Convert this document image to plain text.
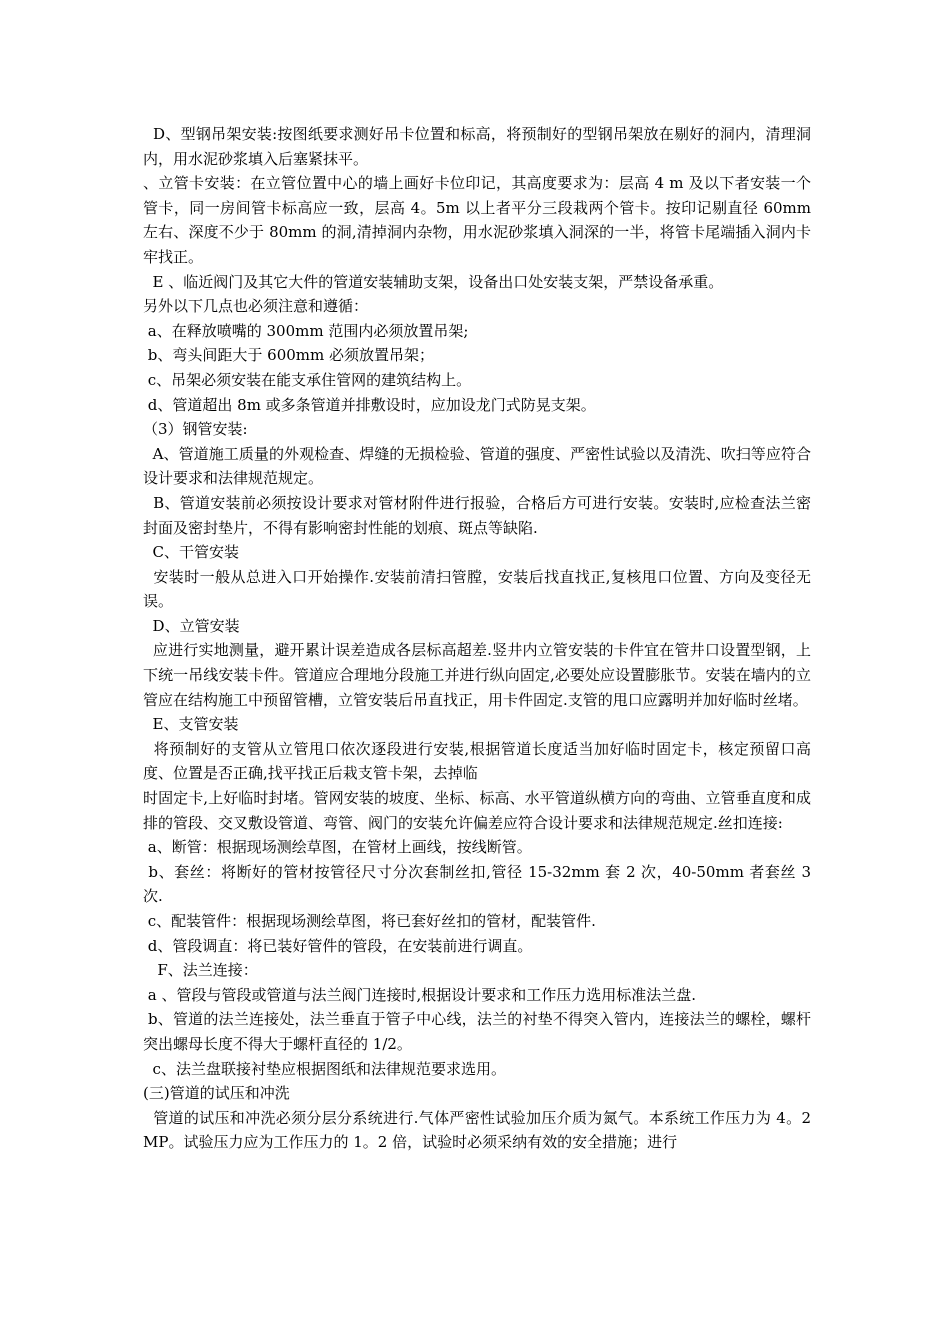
D、型钢吊架安装:按图纸要求测好吊卡位置和标高，将预制好的型钢吊架放在剔好的洞内，清理洞内，用水泥砂浆填入后塞紧抹平。

、立管卡安装：在立管位置中心的墙上画好卡位印记，其高度要求为：层高 4 m 及以下者安装一个管卡，同一房间管卡标高应一致，层高 4。5m 以上者平分三段栽两个管卡。按印记剔直径 60mm 左右、深度不少于 80mm 的洞,清掉洞内杂物，用水泥砂浆填入洞深的一半，将管卡尾端插入洞内卡牢找正。

E 、临近阀门及其它大件的管道安装辅助支架，设备出口处安装支架，严禁设备承重。

另外以下几点也必须注意和遵循：

a、在释放喷嘴的 300mm 范围内必须放置吊架;

b、弯头间距大于 600mm 必须放置吊架；

c、吊架必须安装在能支承住管网的建筑结构上。

d、管道超出 8m 或多条管道并排敷设时，应加设龙门式防晃支架。

（3）钢管安装:

A、管道施工质量的外观检查、焊缝的无损检验、管道的强度、严密性试验以及清洗、吹扫等应符合设计要求和法律规范规定。

B、管道安装前必须按设计要求对管材附件进行报验，合格后方可进行安装。安装时,应检查法兰密封面及密封垫片，不得有影响密封性能的划痕、斑点等缺陷.

C、干管安装

安装时一般从总进入口开始操作.安装前清扫管膛，安装后找直找正,复核甩口位置、方向及变径无误。

D、立管安装

应进行实地测量，避开累计误差造成各层标高超差.竖井内立管安装的卡件宜在管井口设置型钢，上下统一吊线安装卡件。管道应合理地分段施工并进行纵向固定,必要处应设置膨胀节。安装在墙内的立管应在结构施工中预留管槽，立管安装后吊直找正，用卡件固定.支管的甩口应露明并加好临时丝堵。

E、支管安装

将预制好的支管从立管甩口依次逐段进行安装,根据管道长度适当加好临时固定卡，核定预留口高度、位置是否正确,找平找正后栽支管卡架，去掉临

时固定卡,上好临时封堵。管网安装的坡度、坐标、标高、水平管道纵横方向的弯曲、立管垂直度和成排的管段、交叉敷设管道、弯管、阀门的安装允许偏差应符合设计要求和法律规范规定.丝扣连接:

a、断管：根据现场测绘草图，在管材上画线，按线断管。

b、套丝：将断好的管材按管径尺寸分次套制丝扣,管径 15-32mm 套 2 次，40-50mm 者套丝 3 次.

c、配装管件：根据现场测绘草图，将已套好丝扣的管材，配装管件.

d、管段调直：将已装好管件的管段，在安装前进行调直。

F、法兰连接：

a 、管段与管段或管道与法兰阀门连接时,根据设计要求和工作压力选用标准法兰盘.

b、管道的法兰连接处，法兰垂直于管子中心线，法兰的衬垫不得突入管内，连接法兰的螺栓，螺杆突出螺母长度不得大于螺杆直径的 1/2。

c、法兰盘联接衬垫应根据图纸和法律规范要求选用。

(三)管道的试压和冲洗

管道的试压和冲洗必须分层分系统进行.气体严密性试验加压介质为氮气。本系统工作压力为 4。2MP。试验压力应为工作压力的 1。2 倍，试验时必须采纳有效的安全措施；进行
